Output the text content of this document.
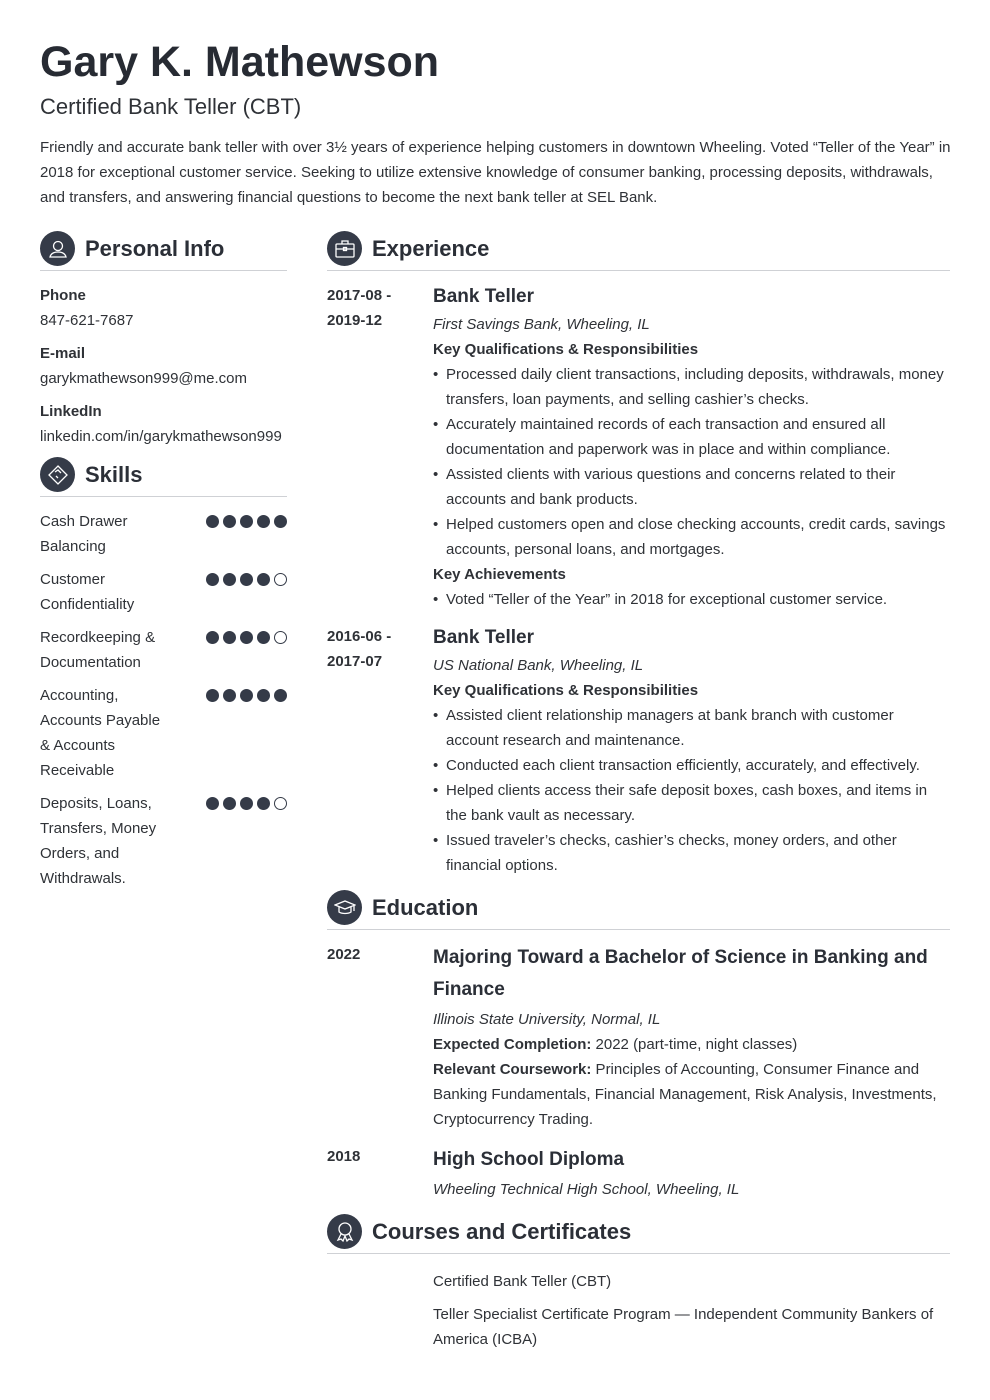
Gary K. Mathewson
Certified Bank Teller (CBT)
Friendly and accurate bank teller with over 3½ years of experience helping customers in downtown Wheeling. Voted “Teller of the Year” in 2018 for exceptional customer service. Seeking to utilize extensive knowledge of consumer banking, processing deposits, withdrawals, and transfers, and answering financial questions to become the next bank teller at SEL Bank.
Personal Info
Phone
847-621-7687
E-mail
garykmathewson999@me.com
LinkedIn
linkedin.com/in/garykmathewson999
Skills
Cash Drawer Balancing
Customer Confidentiality
Recordkeeping & Documentation
Accounting, Accounts Payable & Accounts Receivable
Deposits, Loans, Transfers, Money Orders, and Withdrawals.
Experience
2017-08 -
2019-12
Bank Teller
First Savings Bank, Wheeling, IL
Key Qualifications & Responsibilities
• Processed daily client transactions, including deposits, withdrawals, money transfers, loan payments, and selling cashier’s checks.
• Accurately maintained records of each transaction and ensured all documentation and paperwork was in place and within compliance.
• Assisted clients with various questions and concerns related to their accounts and bank products.
• Helped customers open and close checking accounts, credit cards, savings accounts, personal loans, and mortgages.
Key Achievements
• Voted “Teller of the Year” in 2018 for exceptional customer service.
2016-06 -
2017-07
Bank Teller
US National Bank, Wheeling, IL
Key Qualifications & Responsibilities
• Assisted client relationship managers at bank branch with customer account research and maintenance.
• Conducted each client transaction efficiently, accurately, and effectively.
• Helped clients access their safe deposit boxes, cash boxes, and items in the bank vault as necessary.
• Issued traveler’s checks, cashier’s checks, money orders, and other financial options.
Education
2022	Majoring Toward a Bachelor of Science in Banking and Finance
Illinois State University, Normal, IL
Expected Completion: 2022 (part-time, night classes)
Relevant Coursework: Principles of Accounting, Consumer Finance and Banking Fundamentals, Financial Management, Risk Analysis, Investments, Cryptocurrency Trading.
2018	High School Diploma
Wheeling Technical High School, Wheeling, IL
Courses and Certificates
Certified Bank Teller (CBT)
Teller Specialist Certificate Program — Independent Community Bankers of America (ICBA)
